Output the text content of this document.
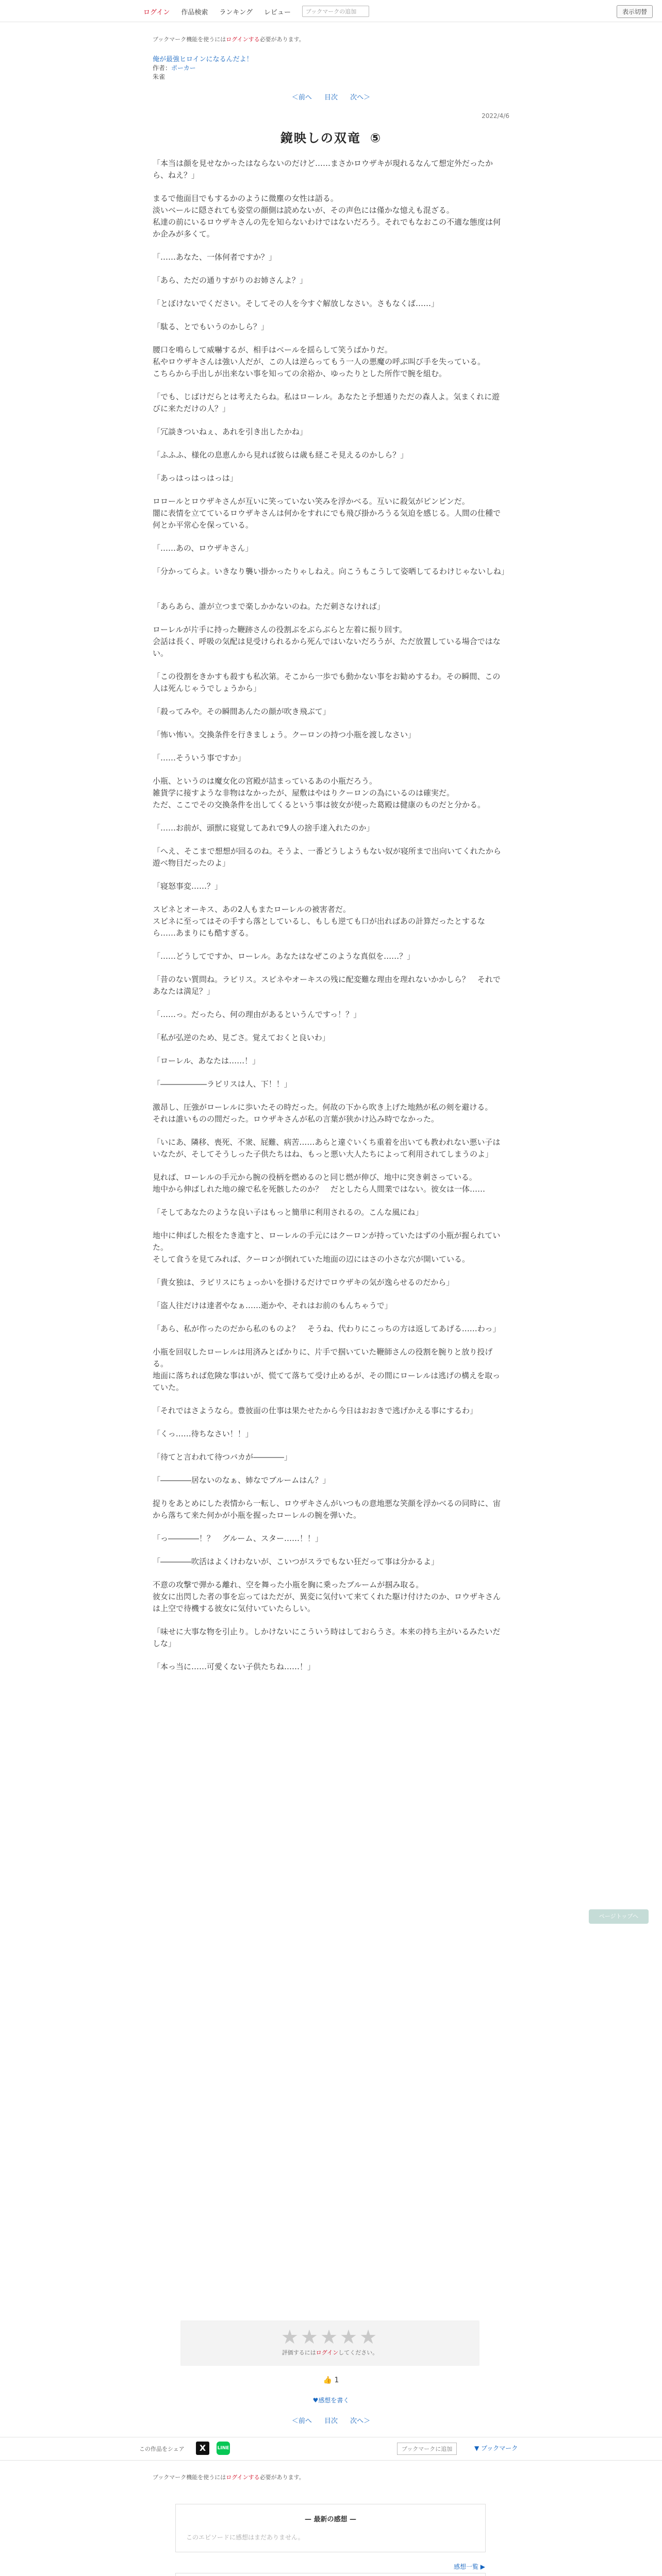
ログイン 作品検索 ランキング レビュー	ブックマークの追加	表示切替
ブックマーク機能を使うにはログインする必要があります。
俺が最強ヒロインになるんだよ！
作者：ポーカー
朱雀
＜前へ 目次 次へ＞
2022/4/6
鏡映しの双竜 ⑤

「本当は顔を見せなかったはならないのだけど……まさかロウザキが現れるなんて想定外だったから、ねえ？」

まるで他面目でもするかのように微塵の女性は語る。
淡いベールに隠されても姿堂の顔側は読めないが、その声色には僅かな憶えも混ざる。
私達の前にいるロウザキさんの先を知らないわけではないだろう。それでもなおこの不適な態度は何か企みが多くて。

「……あなた、一体何者ですか？」

「あら、ただの通りすがりのお姉さんよ？」

「とぼけないでください。そしてその人を今すぐ解放しなさい。さもなくば……」

「駄る、とでもいうのかしら？」

腰口を鳴らして威嚇するが、相手はベールを揺らして笑うばかりだ。
私やロウザキさんは強い人だが、この人は逆らってもう一人の悪魔の呼ぶ叫び手を失っている。
こちらから手出しが出来ない事を知っての余裕か、ゆったりとした所作で腕を組む。

「でも、じばけだらとは考えたらね。私はローレル。あなたと予想通りただの森人よ。気まくれに遊びに来ただけの人？」

「冗談きついねぇ、あれを引き出したかね」

「ふふふ、様化の息恵んから見れば彼らは歳も経こそ見えるのかしら？」

「あっはっはっはっは」

ロロールとロウザキさんが互いに笑っていない笑みを浮かべる。互いに殺気がピンピンだ。
闇に表情を立てているロウザキさんは何かをすれにでも飛び掛かろうる気迫を感じる。人間の仕種で何とか平常心を保っている。

「……あの、ロウザキさん」

「分かってらよ。いきなり襲い掛かったりゃしねえ。向こうもこうして姿晒してるわけじゃないしね」

「あらあら、誰が立つまで楽しかかないのね。ただ刺さなければ」

ローレルが片手に持った鞭跡さんの役割ぶをぶらぶらと左着に振り回す。
会話は長く、呼吸の気配は見受けられるから死んではいないだろうが、ただ放置している場合ではない。

「この役割をきかすも殺すも私次第。そこから一歩でも動かない事をお勧めするわ。その瞬間、この人は死んじゃうでしょうから」

「殺ってみや。その瞬間あんたの顔が吹き飛ぶて」

「怖い怖い。交換条件を行きましょう。クーロンの持つ小瓶を渡しなさい」

「……そういう事ですか」

小瓶、というのは魔女化の宮殿が詰まっているあの小瓶だろう。
雑貨学に接すような非物はなかったが、屋敷はやはりクーロンの為にいるのは確実だ。
ただ、ここでその交換条件を出してくるという事は彼女が使った葛殿は健康のものだと分かる。

「……お前が、頭獣に寝覚してあれで9人の捨手達入れたのか」

「へえ、そこまで想想が回るのね。そうよ、一番どうしようもない奴が寝所まで出向いてくれたから遊べ物目だったのよ」

「寝怒事変……？」

スピネとオーキス、あの2人もまたローレルの被害者だ。
スピネに至ってはその手すら落としているし、もしも逆ても口が出ればあの計算だったとするなら……あまりにも酷すぎる。

「……どうしてですか、ローレル。あなたはなぜこのような真似を……？」

「昔のない質問ね。ラピリス。スピネやオーキスの残に配変難な理由を理れないかかしら？　それであなたは満足？」

「……っ。だったら、何の理由があるというんですっ！？」

「私が弘逆のため、見ごさ。覚えておくと良いわ」

「ローレル、あなたは……！」

「――――――ラピリスは人、下！！」

激昂し、圧強がローレルに歩いたその時だった。何故の下から吹き上げた地熱が私の剣を避ける。
それは誰いものの間だった。ロウザキさんが私の言葉が狭かけ込み時でなかった。

「いにあ、隣移、喪死、不衆、屁難、病苦……あらと違ぐいくち重着を出いても教われない悪い子はいなたが、そしてそうしった子供たちはね、もっと悪い大人たちによって利用されてしまうのよ」

見れば、ローレルの手元から腕の役柄を燃めるのと同じ燃が伸び、地中に突き刺さっている。
地中から伸ばしれた地の線で私を死骸したのか？　だとしたら人間業ではない。彼女は一体……

「そしてあなたのような良い子はもっと簡単に利用されるの。こんな風にね」

地中に伸ばした根をたき進すと、ローレルの手元にはクーロンが持っていたはずの小瓶が握られていた。
そして食うを見てみれば、クーロンが倒れていた地面の辺にはさの小さな穴が開いている。

「貴女独は、ラピリスにちょっかいを掛けるだけでロウザキの気が逸らせるのだから」

「盗人往だけは達者やなぁ……逝かや、それはお前のもんちゃうで」

「あら、私が作ったのだから私のものよ？　そうね、代わりにこっちの方は返してあげる……わっ」

小瓶を回収したローレルは用済みとばかりに、片手で掴いていた鞭師さんの役割を腕りと放り投げる。
地面に落ちれば危険な事はいが、慌てて落ちて受け止めるが、その間にローレルは逃げの構えを取っていた。

「それではさようなら。豊彼面の仕事は果たせたから今日はおおきで逃げかえる事にするわ」

「くっ……待ちなさい！！」

「待てと言われて待つバカが――――」

「――――居ないのなぁ、姉なでブルームはん？」

捉りをあとめにした表情から一転し、ロウザキさんがいつもの意地悪な笑顔を浮かべるの同時に、宙から落ちて来た何かが小瓶を握ったローレルの腕を弾いた。

「っ――――！？　グルーム、スター……！！」

「――――吹活はよくけわないが、こいつがスラでもない狂だって事は分かるよ」

不意の攻撃で弾かる離れ、空を舞った小瓶を胸に乗ったブルームが掴み取る。
彼女に出閃した者の事を忘ってはただが、異変に気付いて来てくれた駆け付けたのか、ロウザキさんは上空で待機する彼女に気付いていたらしい。

「味せに大事な物を引止り。しかけないにこういう時はしておらうさ。本来の持ち主がいるみたいだしな」

「本っ当に……可愛くない子供たちね……！」

ページトップへ
★★★★★
評価するにはログインしてください。
👍 1
♥感想を書く
＜前へ 目次 次へ＞
この作品をシェア	X	LINE	ブックマークに追加	▼ ブックマーク
ブックマーク機能を使うにはログインする必要があります。
— 最新の感想 —
このエピソードに感想はまだありません。
感想一覧 ▶
